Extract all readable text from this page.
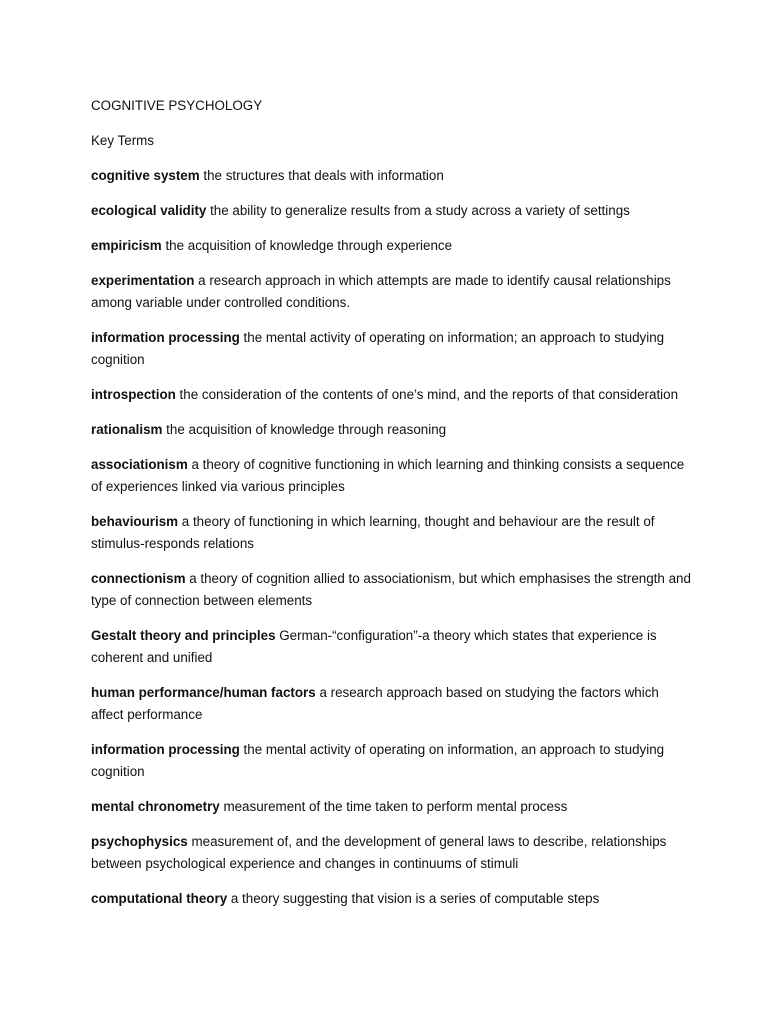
COGNITIVE PSYCHOLOGY
Key Terms

cognitive system the structures that deals with information

ecological validity the ability to generalize results from a study across a variety of settings

empiricism the acquisition of knowledge through experience

experimentation a research approach in which attempts are made to identify causal relationships among variable under controlled conditions.

information processing the mental activity of operating on information; an approach to studying cognition

introspection the consideration of the contents of one’s mind, and the reports of that consideration

rationalism the acquisition of knowledge through reasoning

associationism a theory of cognitive functioning in which learning and thinking consists a sequence of experiences linked via various principles

behaviourism a theory of functioning in which learning, thought and behaviour are the result of stimulus-responds relations

connectionism a theory of cognition allied to associationism, but which emphasises the strength and type of connection between elements

Gestalt theory and principles German-“configuration”-a theory which states that experience is coherent and unified

human performance/human factors a research approach based on studying the factors which affect performance

information processing the mental activity of operating on information, an approach to studying cognition

mental chronometry measurement of the time taken to perform mental process

psychophysics measurement of, and the development of general laws to describe, relationships between psychological experience and changes in continuums of stimuli

computational theory a theory suggesting that vision is a series of computable steps
